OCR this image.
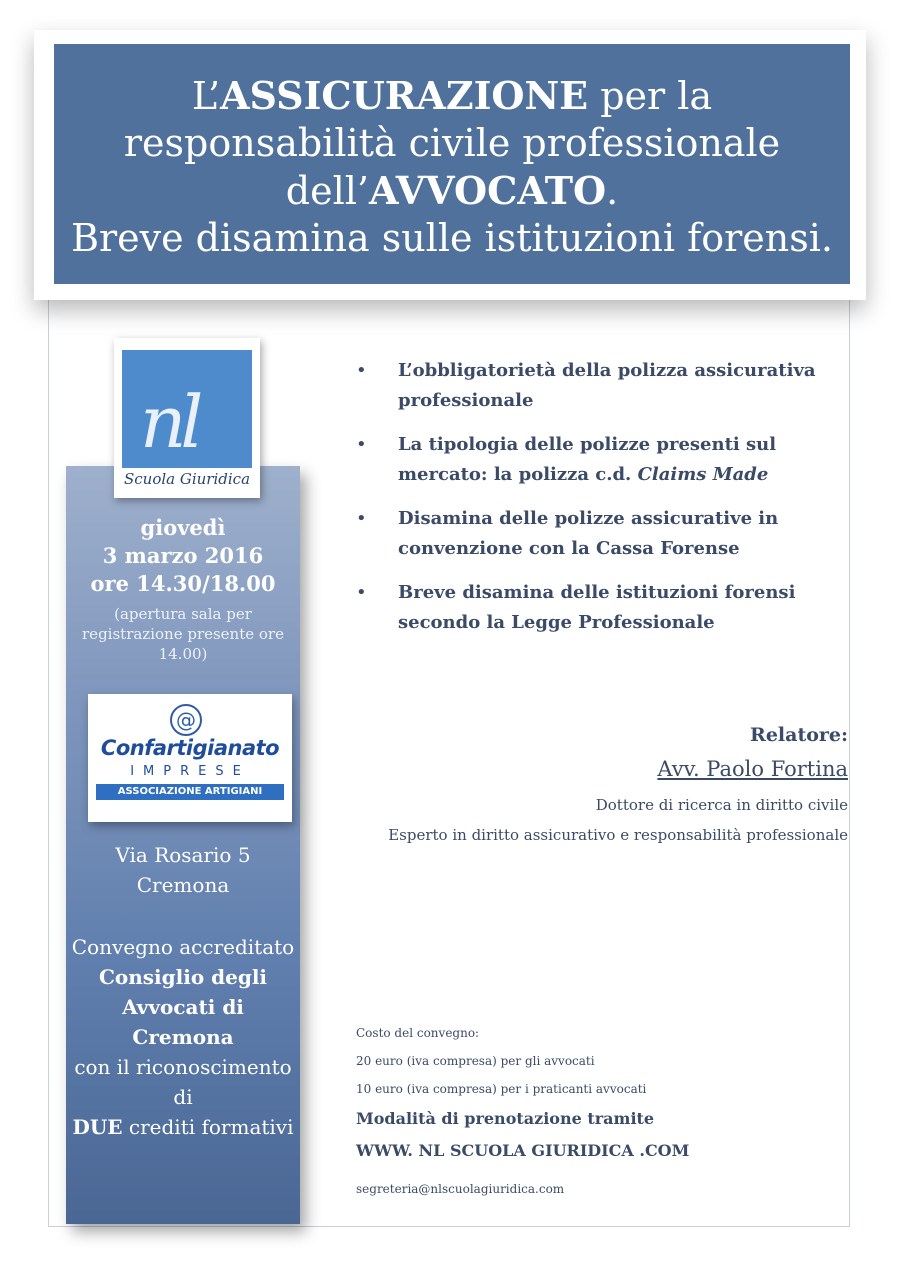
L’ASSICURAZIONE per la
responsabilità civile professionale
dell’AVVOCATO.
Breve disamina sulle istituzioni forensi.
giovedì
3 marzo 2016
ore 14.30/18.00
(apertura sala per registrazione presente ore 14.00)
Via Rosario 5
Cremona
Convegno accreditato
Consiglio degli Avvocati di Cremona
con il riconoscimento di
DUE crediti formativi
nl
Scuola Giuridica
@
Confartigianato
IMPRESE
ASSOCIAZIONE ARTIGIANI CREMONA
• L’obbligatorietà della polizza assicurativa professionale
• La tipologia delle polizze presenti sul mercato: la polizza c.d. Claims Made
• Disamina delle polizze assicurative in convenzione con la Cassa Forense
• Breve disamina delle istituzioni forensi secondo la Legge Professionale
Relatore:
Avv. Paolo Fortina
Dottore di ricerca in diritto civile
Esperto in diritto assicurativo e responsabilità professionale
Costo del convegno:
20 euro (iva compresa) per gli avvocati
10 euro (iva compresa) per i praticanti avvocati
Modalità di prenotazione tramite
WWW. NL SCUOLA GIURIDICA .COM
segreteria@nlscuolagiuridica.com
